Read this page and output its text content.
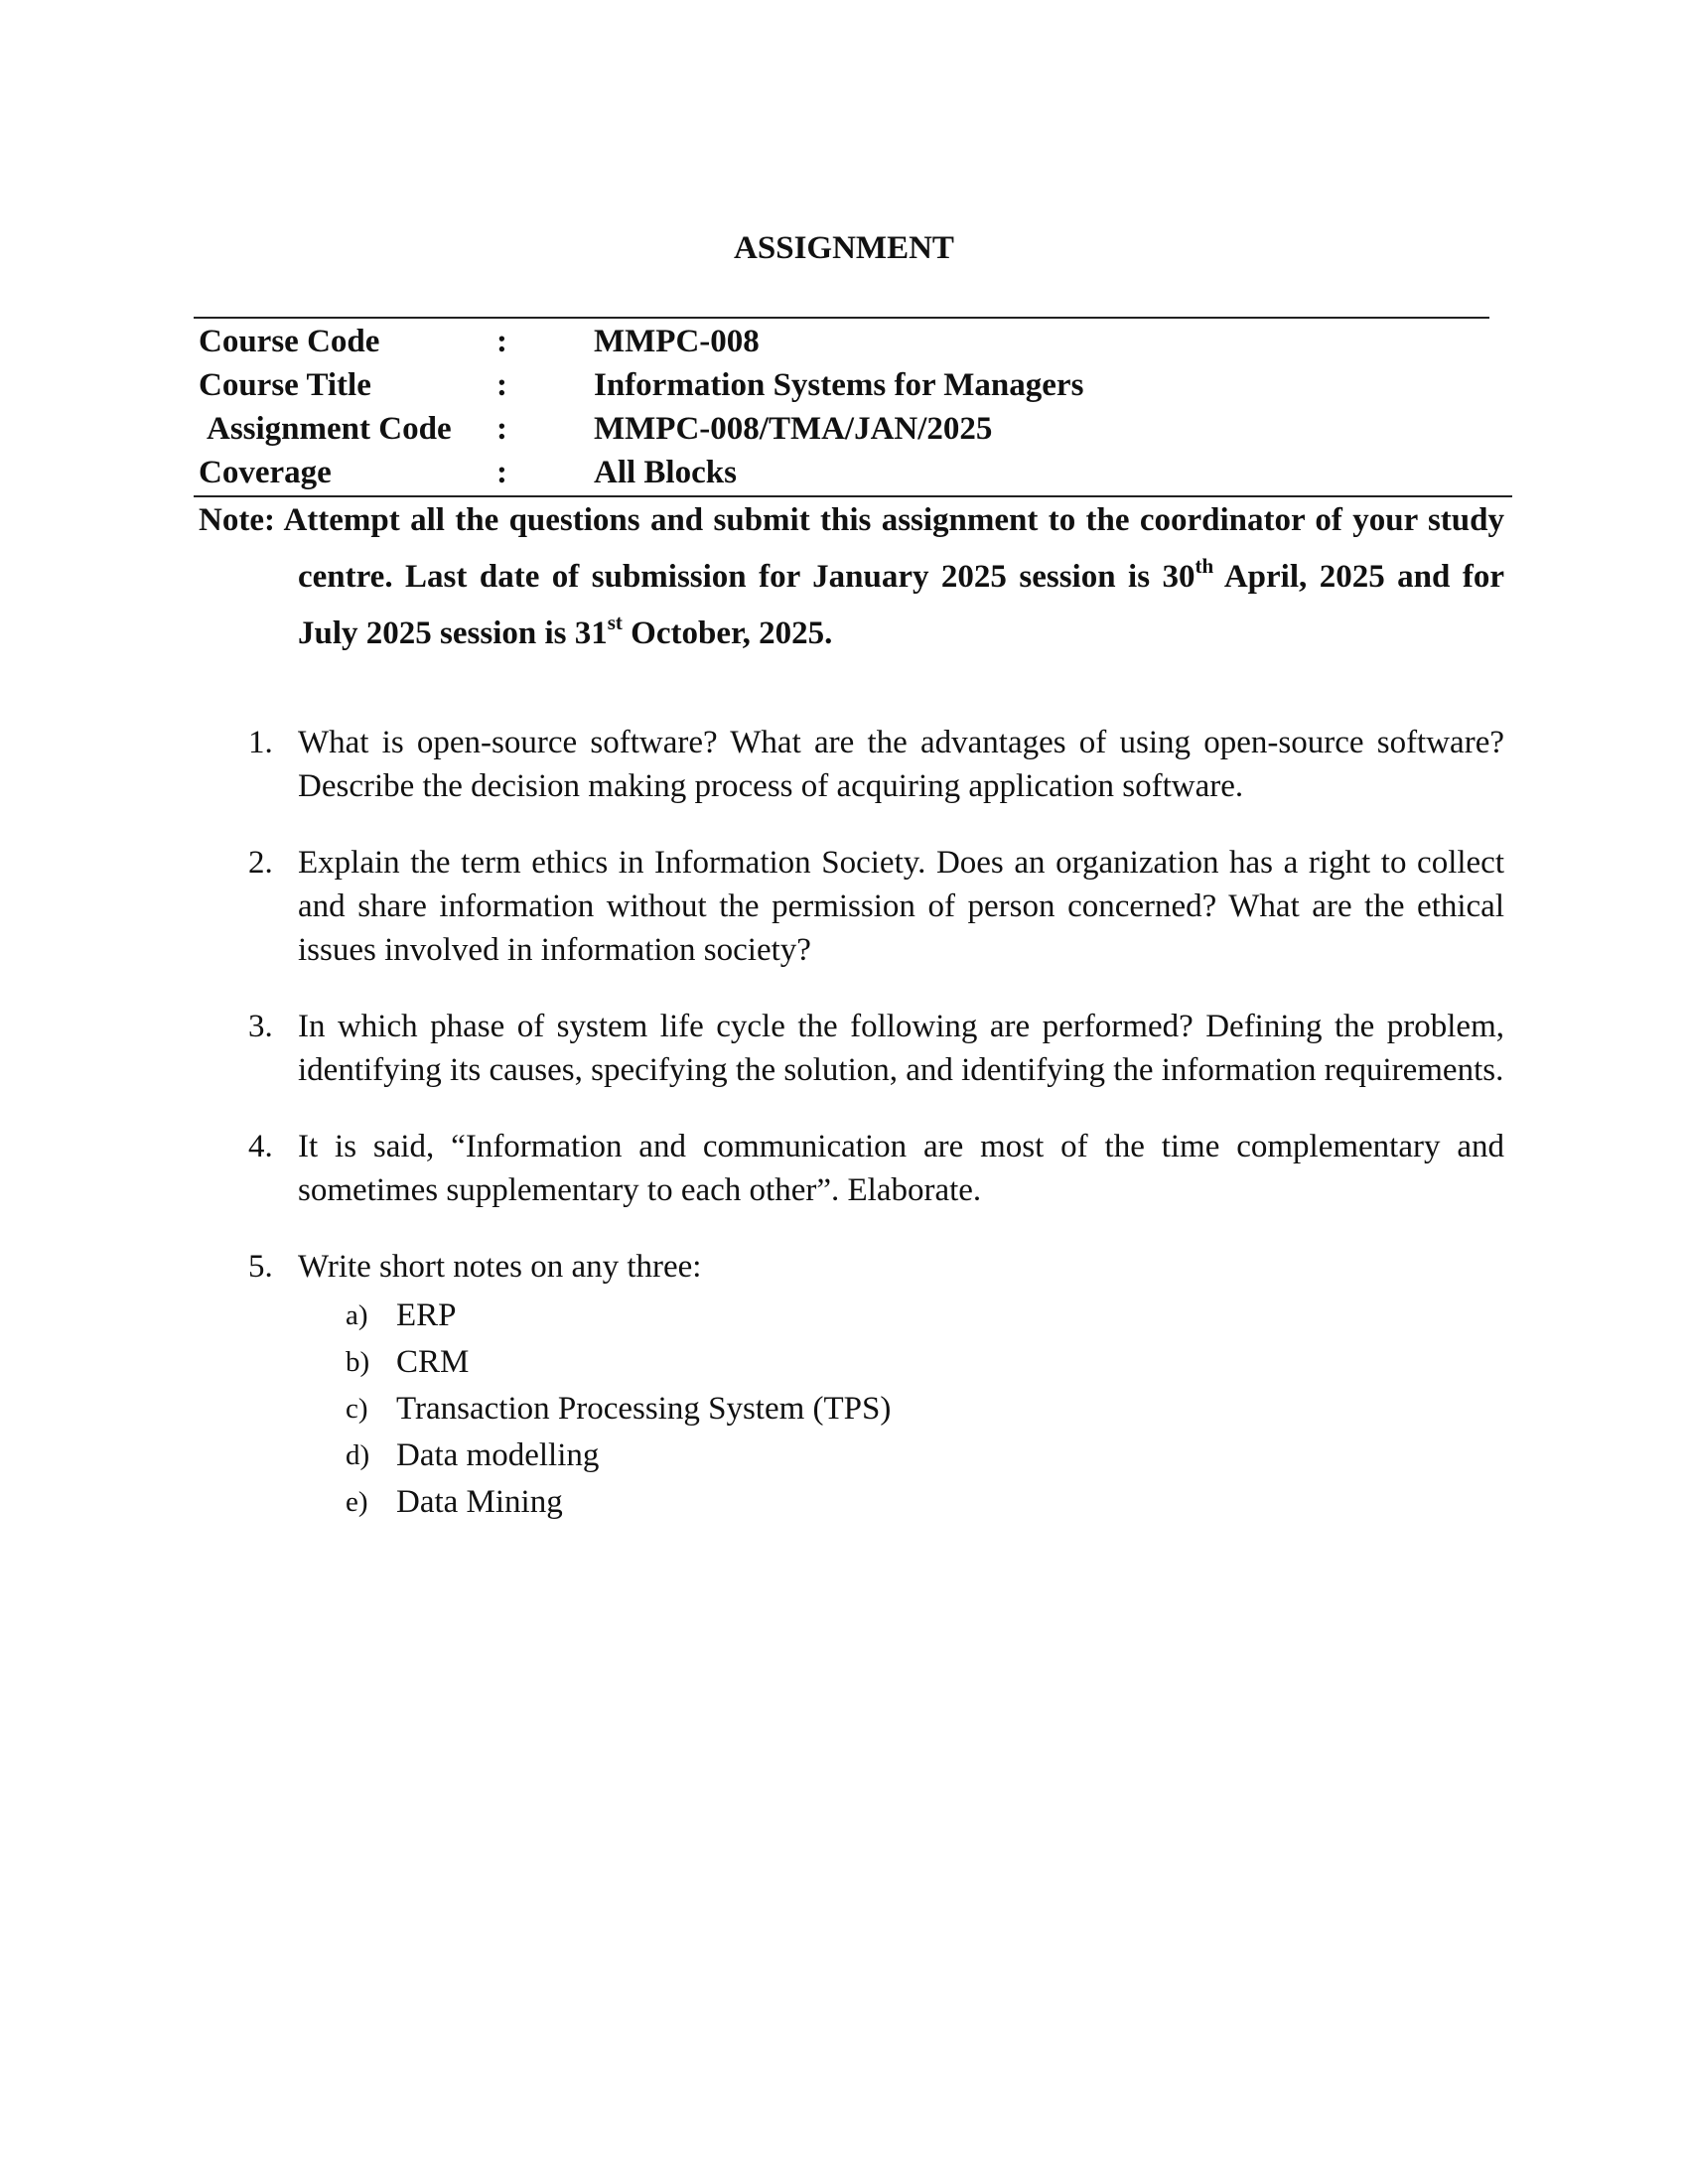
ASSIGNMENT
Course Code	:	MMPC-008
Course Title	:	Information Systems for Managers
Assignment Code :	MMPC-008/TMA/JAN/2025
Coverage	:	All Blocks
Note: Attempt all the questions and submit this assignment to the coordinator of your study centre. Last date of submission for January 2025 session is 30th April, 2025 and for July 2025 session is 31st October, 2025.
1. What is open-source software? What are the advantages of using open-source software? Describe the decision making process of acquiring application software.
2. Explain the term ethics in Information Society. Does an organization has a right to collect and share information without the permission of person concerned? What are the ethical issues involved in information society?
3. In which phase of system life cycle the following are performed? Defining the problem, identifying its causes, specifying the solution, and identifying the information requirements.
4. It is said, “Information and communication are most of the time complementary and sometimes supplementary to each other”. Elaborate.
5. Write short notes on any three:
a) ERP
b) CRM
c) Transaction Processing System (TPS)
d) Data modelling
e) Data Mining
